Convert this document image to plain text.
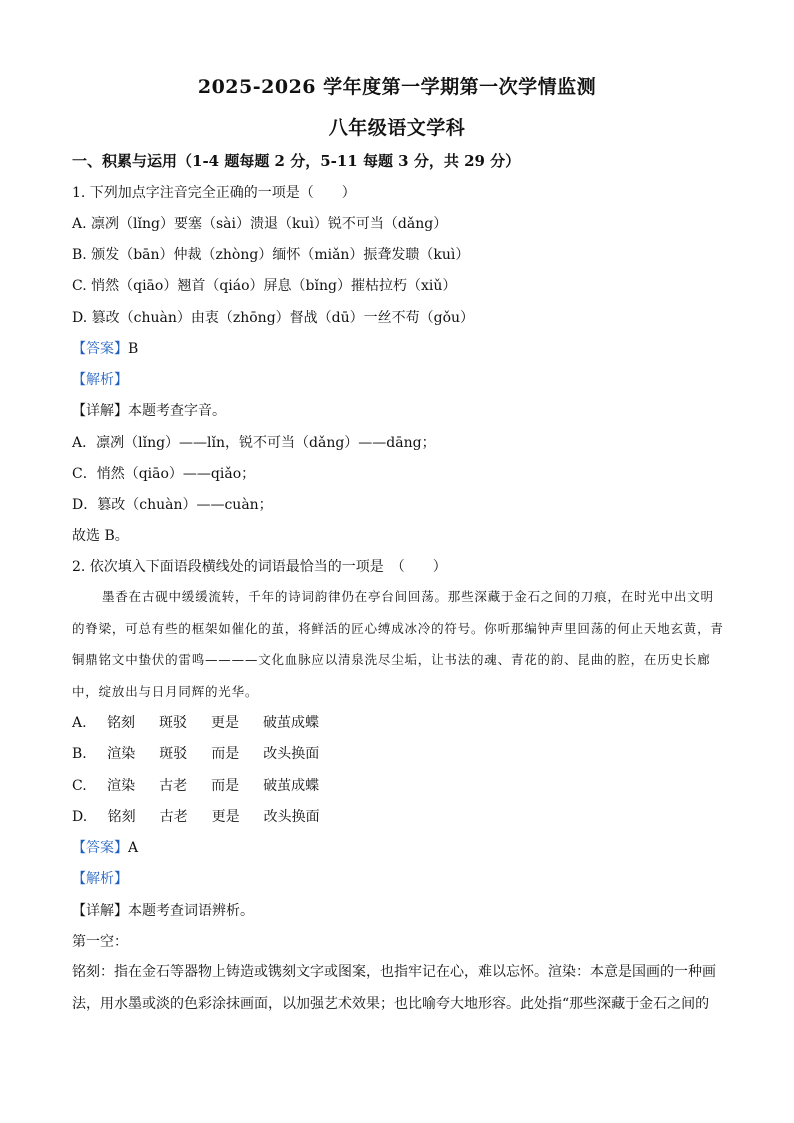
2025-2026 学年度第一学期第一次学情监测
八年级语文学科
一、积累与运用（1-4 题每题 2 分，5-11 每题 3 分，共 29 分）
1. 下列加点字注音完全正确的一项是（　　）
A. 凛冽（lǐng）要塞（sài）溃退（kuì）锐不可当（dǎng）
B. 颁发（bān）仲裁（zhòng）缅怀（miǎn）振聋发聩（kuì）
C. 悄然（qiāo）翘首（qiáo）屏息（bǐng）摧枯拉朽（xiǔ）
D. 篡改（chuàn）由衷（zhōng）督战（dū）一丝不苟（gǒu）
【答案】B
【解析】
【详解】本题考查字音。
A．凛冽（lǐng）——lǐn，锐不可当（dǎng）——dāng；
C．悄然（qiāo）——qiǎo；
D．篡改（chuàn）——cuàn；
故选 B。
2. 依次填入下面语段横线处的词语最恰当的一项是　（　　）
墨香在古砚中缓缓流转，千年的诗词韵律仍在亭台间回荡。那些深藏于金石之间的刀痕，在时光中出文明的脊梁，可总有些的框架如催化的茧，将鲜活的匠心缚成冰冷的符号。你听那编钟声里回荡的何止天地玄黄，青铜鼎铭文中蛰伏的雷鸣————文化血脉应以清泉洗尽尘垢，让书法的魂、青花的韵、昆曲的腔，在历史长廊中，绽放出与日月同辉的光华。
A. 铭刻 斑驳 更是 破茧成蝶
B. 渲染 斑驳 而是 改头换面
C. 渲染 古老 而是 破茧成蝶
D. 铭刻 古老 更是 改头换面
【答案】A
【解析】
【详解】本题考查词语辨析。
第一空：
铭刻：指在金石等器物上铸造或镌刻文字或图案，也指牢记在心，难以忘怀。渲染：本意是国画的一种画法，用水墨或淡的色彩涂抹画面，以加强艺术效果；也比喻夸大地形容。此处指“那些深藏于金石之间的
